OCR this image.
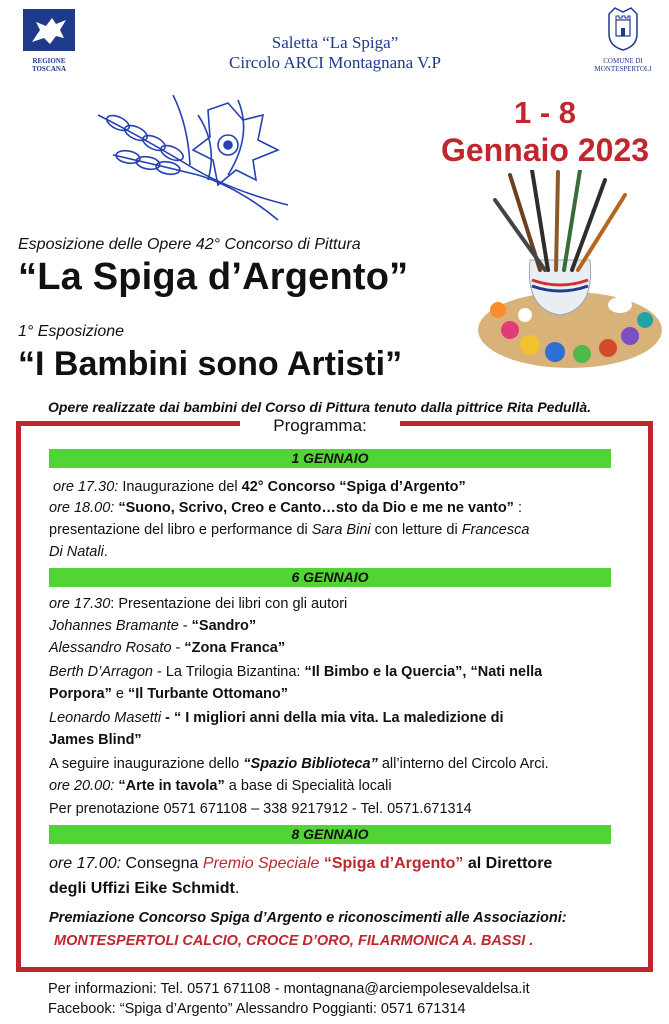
REGIONE
TOSCANA
COMUNE DI
MONTESPERTOLI
Saletta “La Spiga”
Circolo ARCI Montagnana V.P
1 - 8
Gennaio 2023
Esposizione delle Opere 42° Concorso di Pittura
“La Spiga d’Argento”
1° Esposizione
“I Bambini sono Artisti”
Opere realizzate dai bambini del Corso di Pittura tenuto dalla pittrice Rita Pedullà.
Programma:
1 GENNAIO
ore 17.30: Inaugurazione del 42° Concorso “Spiga d’Argento”
ore 18.00: “Suono, Scrivo, Creo e Canto…sto da Dio e me ne vanto” :
presentazione del libro e performance di Sara Bini con letture di Francesca
Di Natali.
6 GENNAIO
ore 17.30: Presentazione dei libri con gli autori
Johannes Bramante - “Sandro”
Alessandro Rosato - “Zona Franca”
Berth D’Arragon - La Trilogia Bizantina: “Il Bimbo e la Quercia”, “Nati nella
Porpora” e “Il Turbante Ottomano”
Leonardo Masetti - “ I migliori anni della mia vita. La maledizione di
James Blind”
A seguire inaugurazione dello “Spazio Biblioteca” all’interno del Circolo Arci.
ore 20.00: “Arte in tavola” a base di Specialità locali
Per prenotazione 0571 671108 – 338 9217912 - Tel. 0571.671314
8 GENNAIO
ore 17.00: Consegna Premio Speciale “Spiga d’Argento” al Direttore
degli Uffizi Eike Schmidt.
Premiazione Concorso Spiga d’Argento e riconoscimenti alle Associazioni:
MONTESPERTOLI CALCIO, CROCE D’ORO, FILARMONICA A. BASSI .
Per informazioni: Tel. 0571 671108 - montagnana@arciempolesevaldelsa.it
Facebook: “Spiga d’Argento” Alessandro Poggianti: 0571 671314
